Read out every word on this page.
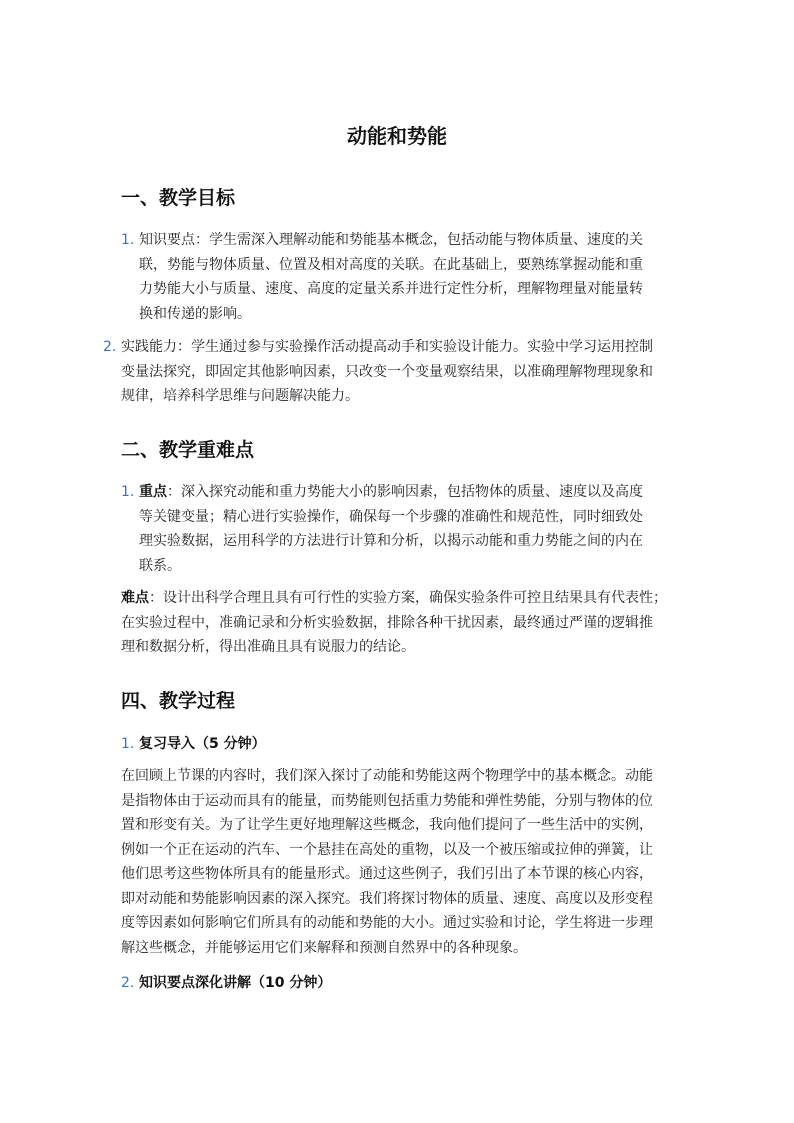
动能和势能
一、教学目标
1. 知识要点：学生需深入理解动能和势能基本概念，包括动能与物体质量、速度的关
联，势能与物体质量、位置及相对高度的关联。在此基础上，要熟练掌握动能和重
力势能大小与质量、速度、高度的定量关系并进行定性分析，理解物理量对能量转
换和传递的影响。
2. 实践能力：学生通过参与实验操作活动提高动手和实验设计能力。实验中学习运用控制
变量法探究，即固定其他影响因素，只改变一个变量观察结果，以准确理解物理现象和
规律，培养科学思维与问题解决能力。
二、教学重难点
1. 重点：深入探究动能和重力势能大小的影响因素，包括物体的质量、速度以及高度
等关键变量；精心进行实验操作，确保每一个步骤的准确性和规范性，同时细致处
理实验数据，运用科学的方法进行计算和分析，以揭示动能和重力势能之间的内在
联系。
难点：设计出科学合理且具有可行性的实验方案，确保实验条件可控且结果具有代表性；
在实验过程中，准确记录和分析实验数据，排除各种干扰因素，最终通过严谨的逻辑推
理和数据分析，得出准确且具有说服力的结论。
四、教学过程
1. 复习导入（5 分钟）
在回顾上节课的内容时，我们深入探讨了动能和势能这两个物理学中的基本概念。动能
是指物体由于运动而具有的能量，而势能则包括重力势能和弹性势能，分别与物体的位
置和形变有关。为了让学生更好地理解这些概念，我向他们提问了一些生活中的实例，
例如一个正在运动的汽车、一个悬挂在高处的重物，以及一个被压缩或拉伸的弹簧，让
他们思考这些物体所具有的能量形式。通过这些例子，我们引出了本节课的核心内容，
即对动能和势能影响因素的深入探究。我们将探讨物体的质量、速度、高度以及形变程
度等因素如何影响它们所具有的动能和势能的大小。通过实验和讨论，学生将进一步理
解这些概念，并能够运用它们来解释和预测自然界中的各种现象。
2. 知识要点深化讲解（10 分钟）
